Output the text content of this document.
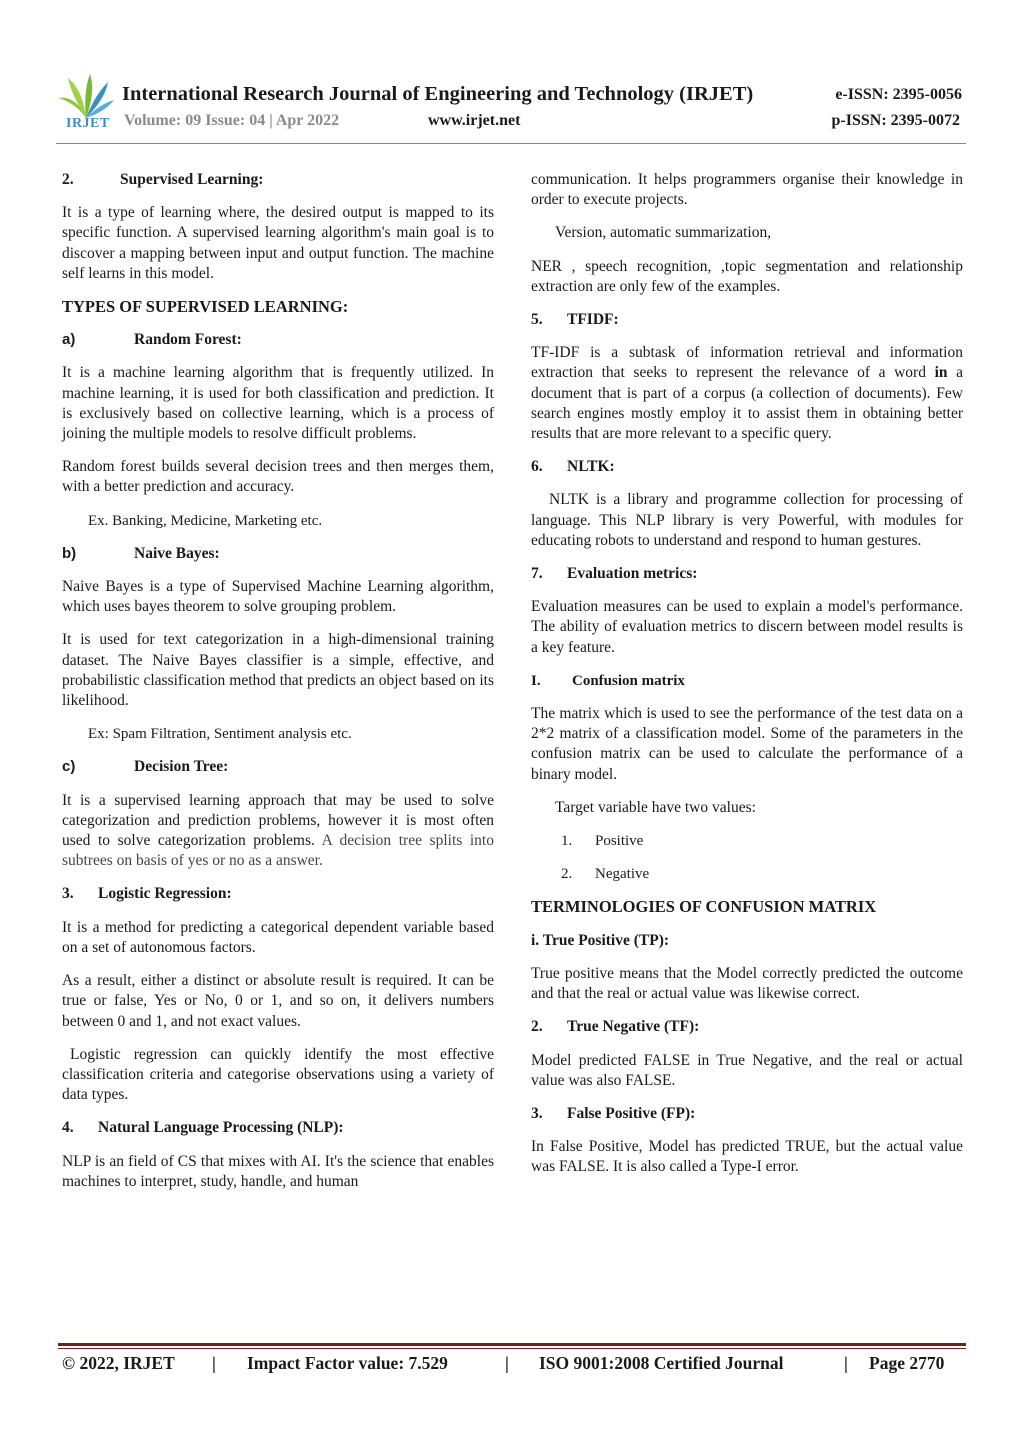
IRJET
International Research Journal of Engineering and Technology (IRJET)	e-ISSN: 2395-0056
Volume: 09 Issue: 04 | Apr 2022	www.irjet.net	p-ISSN: 2395-0072
2.	Supervised Learning:
It is a type of learning where, the desired output is mapped to its specific function. A supervised learning algorithm's main goal is to discover a mapping between input and output function. The machine self learns in this model.
TYPES OF SUPERVISED LEARNING:
a)	Random Forest:
It is a machine learning algorithm that is frequently utilized. In machine learning, it is used for both classification and prediction. It is exclusively based on collective learning, which is a process of joining the multiple models to resolve difficult problems.
Random forest builds several decision trees and then merges them, with a better prediction and accuracy.
Ex. Banking, Medicine, Marketing etc.
b)	Naive Bayes:
Naive Bayes is a type of Supervised Machine Learning algorithm, which uses bayes theorem to solve grouping problem.
It is used for text categorization in a high-dimensional training dataset. The Naive Bayes classifier is a simple, effective, and probabilistic classification method that predicts an object based on its likelihood.
Ex: Spam Filtration, Sentiment analysis etc.
c)	Decision Tree:
It is a supervised learning approach that may be used to solve categorization and prediction problems, however it is most often used to solve categorization problems. A decision tree splits into subtrees on basis of yes or no as a answer.
3.	Logistic Regression:
It is a method for predicting a categorical dependent variable based on a set of autonomous factors.
As a result, either a distinct or absolute result is required. It can be true or false, Yes or No, 0 or 1, and so on, it delivers numbers between 0 and 1, and not exact values.
Logistic regression can quickly identify the most effective classification criteria and categorise observations using a variety of data types.
4.	Natural Language Processing (NLP):
NLP is an field of CS that mixes with AI. It's the science that enables machines to interpret, study, handle, and human
communication. It helps programmers organise their knowledge in order to execute projects.
Version, automatic summarization,
NER , speech recognition, ,topic segmentation and relationship extraction are only few of the examples.
5.	TFIDF:
TF-IDF is a subtask of information retrieval and information extraction that seeks to represent the relevance of a word in a document that is part of a corpus (a collection of documents). Few search engines mostly employ it to assist them in obtaining better results that are more relevant to a specific query.
6.	NLTK:
NLTK is a library and programme collection for processing of language. This NLP library is very Powerful, with modules for educating robots to understand and respond to human gestures.
7.	Evaluation metrics:
Evaluation measures can be used to explain a model's performance. The ability of evaluation metrics to discern between model results is a key feature.
I.	Confusion matrix
The matrix which is used to see the performance of the test data on a 2*2 matrix of a classification model. Some of the parameters in the confusion matrix can be used to calculate the performance of a binary model.
Target variable have two values:
1.	Positive
2.	Negative
TERMINOLOGIES OF CONFUSION MATRIX
i. True Positive (TP):
True positive means that the Model correctly predicted the outcome and that the real or actual value was likewise correct.
2.	True Negative (TF):
Model predicted FALSE in True Negative, and the real or actual value was also FALSE.
3.	False Positive (FP):
In False Positive, Model has predicted TRUE, but the actual value was FALSE. It is also called a Type-I error.
© 2022, IRJET | Impact Factor value: 7.529	| ISO 9001:2008 Certified Journal	| Page 2770
